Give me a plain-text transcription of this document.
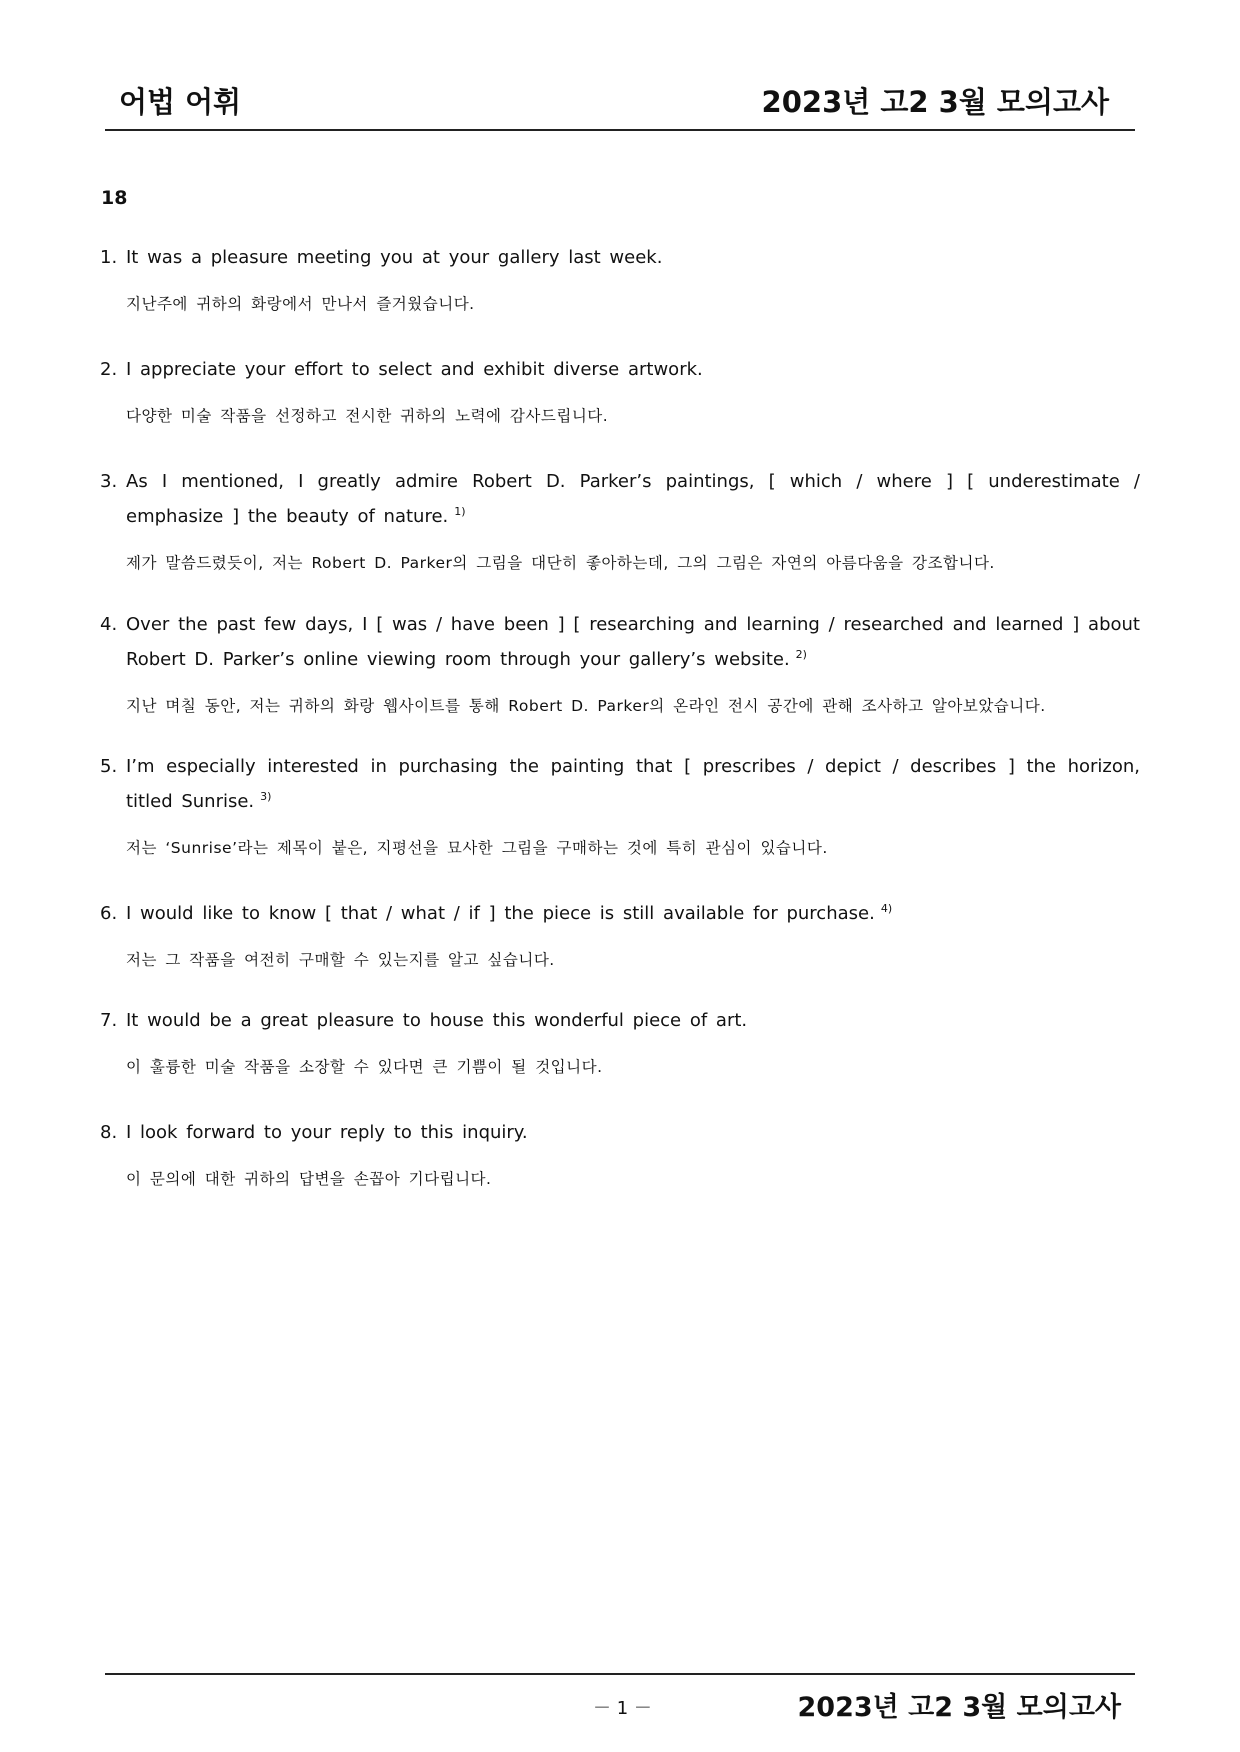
어법 어휘	2023년 고2 3월 모의고사
18
1. It was a pleasure meeting you at your gallery last week.
지난주에 귀하의 화랑에서 만나서 즐거웠습니다.
2. I appreciate your effort to select and exhibit diverse artwork.
다양한 미술 작품을 선정하고 전시한 귀하의 노력에 감사드립니다.
3. As I mentioned, I greatly admire Robert D. Parker’s paintings, [ which / where ] [ underestimate / emphasize ] the beauty of nature. $^{1)}$
제가 말씀드렸듯이, 저는 Robert D. Parker의 그림을 대단히 좋아하는데, 그의 그림은 자연의 아름다움을 강조합니다.
4. Over the past few days, I [ was / have been ] [ researching and learning / researched and learned ] about Robert D. Parker’s online viewing room through your gallery’s website. $^{2)}$
지난 며칠 동안, 저는 귀하의 화랑 웹사이트를 통해 Robert D. Parker의 온라인 전시 공간에 관해 조사하고 알아보았습니다.
5. I’m especially interested in purchasing the painting that [ prescribes / depict / describes ] the horizon, titled Sunrise. $^{3)}$
저는 ‘Sunrise’라는 제목이 붙은, 지평선을 묘사한 그림을 구매하는 것에 특히 관심이 있습니다.
6. I would like to know [ that / what / if ] the piece is still available for purchase. $^{4)}$
저는 그 작품을 여전히 구매할 수 있는지를 알고 싶습니다.
7. It would be a great pleasure to house this wonderful piece of art.
이 훌륭한 미술 작품을 소장할 수 있다면 큰 기쁨이 될 것입니다.
8. I look forward to your reply to this inquiry.
이 문의에 대한 귀하의 답변을 손꼽아 기다립니다.
－ 1 －	2023년 고2 3월 모의고사
